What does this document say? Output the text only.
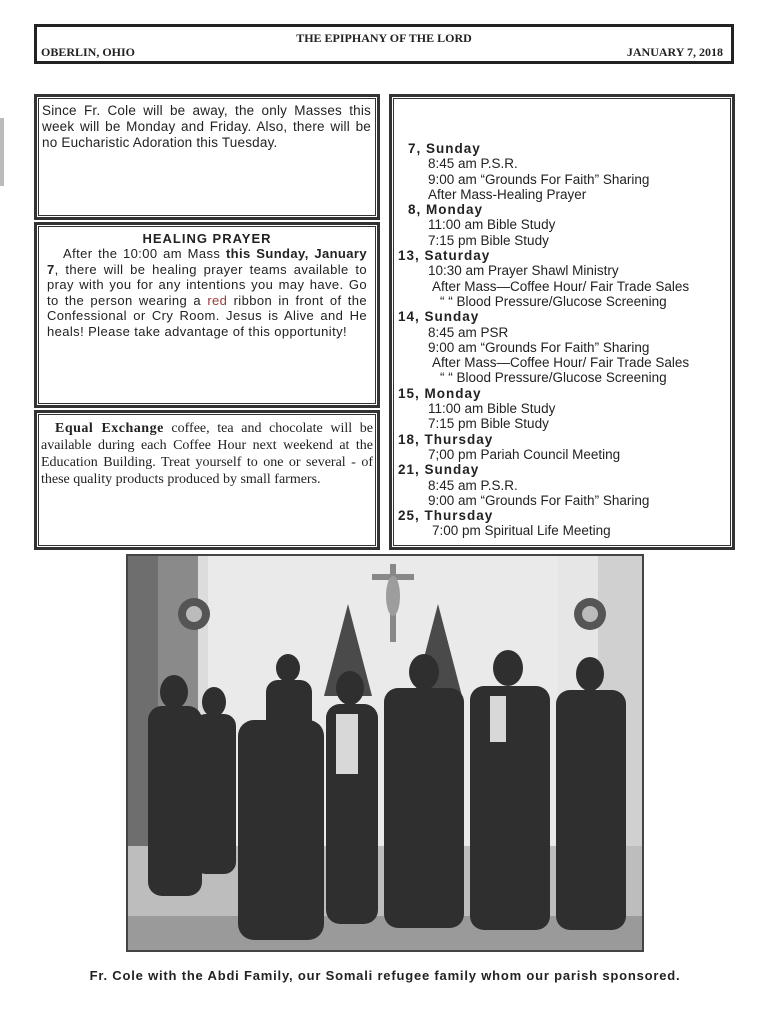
THE EPIPHANY OF THE LORD
OBERLIN, OHIO	JANUARY 7, 2018
Since Fr. Cole will be away, the only Masses this week will be Monday and Friday. Also, there will be no Eucharistic Adoration this Tuesday.
HEALING PRAYER
After the 10:00 am Mass this Sunday, January 7, there will be healing prayer teams available to pray with you for any intentions you may have. Go to the person wearing a red ribbon in front of the Confessional or Cry Room. Jesus is Alive and He heals! Please take advantage of this opportunity!
Equal Exchange coffee, tea and chocolate will be available during each Coffee Hour next weekend at the Education Building. Treat yourself to one or several - of these quality products produced by small farmers.
7, Sunday
8:45 am P.S.R.
9:00 am “Grounds For Faith” Sharing
After Mass-Healing Prayer
8, Monday
11:00 am Bible Study
7:15 pm Bible Study
13, Saturday
10:30 am Prayer Shawl Ministry
After Mass—Coffee Hour/ Fair Trade Sales
“ “ Blood Pressure/Glucose Screening
14, Sunday
8:45 am PSR
9:00 am “Grounds For Faith” Sharing
After Mass—Coffee Hour/ Fair Trade Sales
“ “ Blood Pressure/Glucose Screening
15, Monday
11:00 am Bible Study
7:15 pm Bible Study
18, Thursday
7;00 pm Pariah Council Meeting
21, Sunday
8:45 am P.S.R.
9:00 am “Grounds For Faith” Sharing
25, Thursday
7:00 pm Spiritual Life Meeting
Fr. Cole with the Abdi Family, our Somali refugee family whom our parish sponsored.
